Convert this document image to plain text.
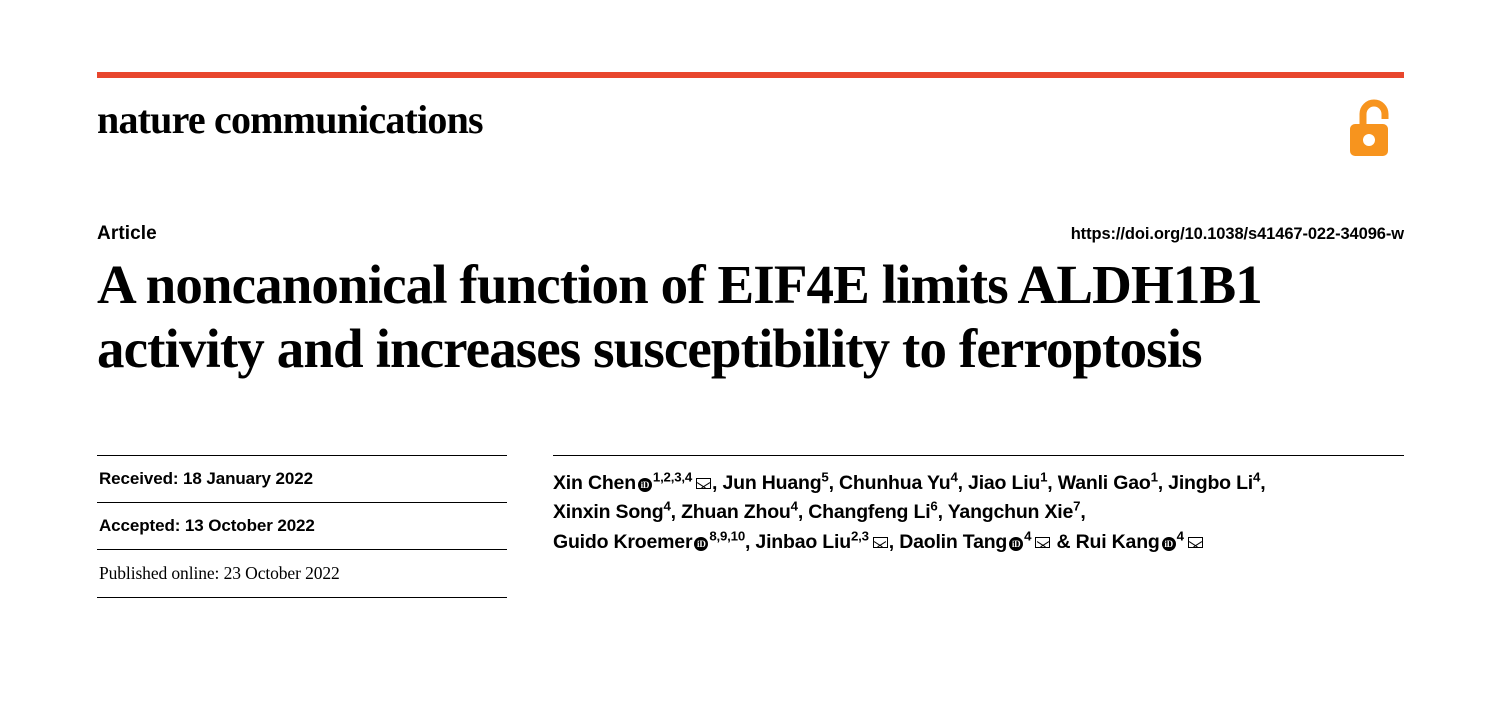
nature communications
Article	https://doi.org/10.1038/s41467-022-34096-w
A noncanonical function of EIF4E limits ALDH1B1 activity and increases susceptibility to ferroptosis
Received: 18 January 2022
Accepted: 13 October 2022
Published online: 23 October 2022
Xin Chen iD$^{1,2,3,4}$ , Jun Huang$^5$, Chunhua Yu$^4$, Jiao Liu$^1$, Wanli Gao$^1$, Jingbo Li$^4$,
Xinxin Song$^4$, Zhuan Zhou$^4$, Changfeng Li$^6$, Yangchun Xie$^7$,
Guido Kroemer iD$^{8,9,10}$, Jinbao Liu$^{2,3}$ , Daolin Tang $iD^4$ & Rui Kang $iD^4$
